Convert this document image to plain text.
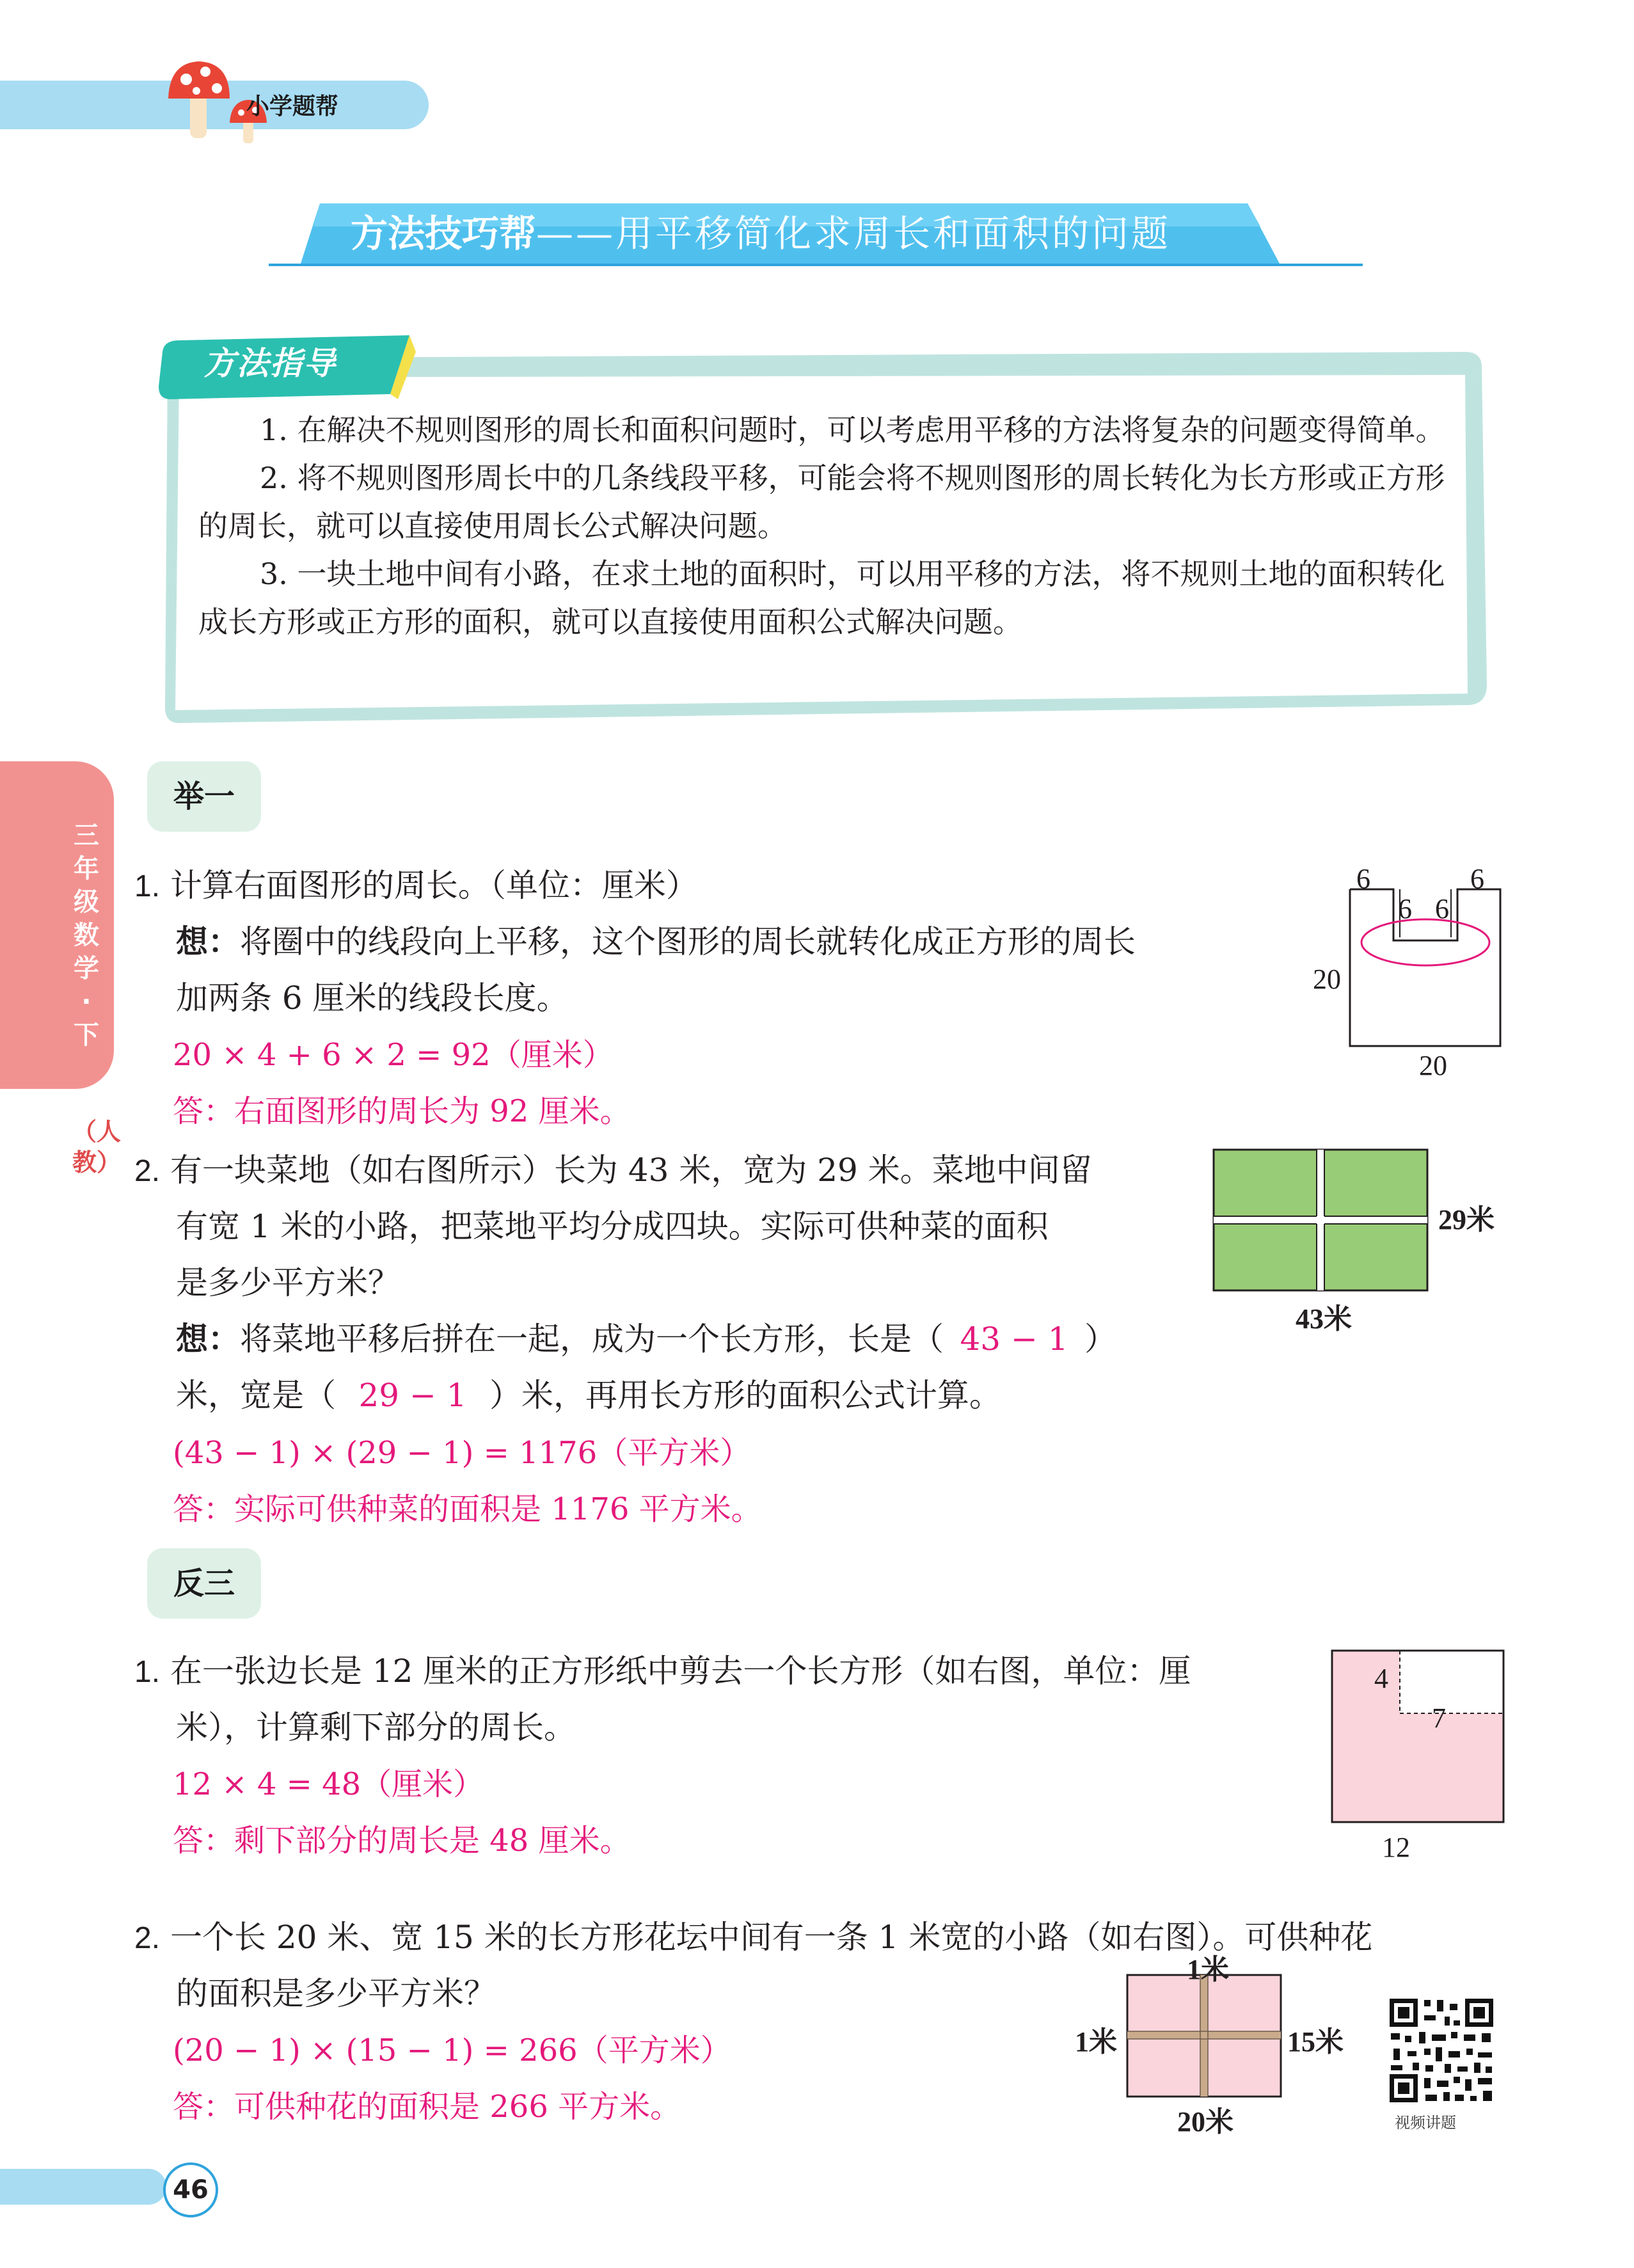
小学题帮
方法技巧帮——用平移简化求周长和面积的问题
方法指导

1. 在解决不规则图形的周长和面积问题时，可以考虑用平移的方法将复杂的问题变得简单。

2. 将不规则图形周长中的几条线段平移，可能会将不规则图形的周长转化为长方形或正方形的周长，就可以直接使用周长公式解决问题。

3. 一块土地中间有小路，在求土地的面积时，可以用平移的方法，将不规则土地的面积转化成长方形或正方形的面积，就可以直接使用面积公式解决问题。

三年级数学·下
（人教）
举一
1. 计算右面图形的周长。（单位：厘米）
想：将圈中的线段向上平移，这个图形的周长就转化成正方形的周长
加两条 6 厘米的线段长度。
20 × 4 + 6 × 2 = 92（厘米）
答：右面图形的周长为 92 厘米。
6	6
6 6
20
20
2. 有一块菜地（如右图所示）长为 43 米，宽为 29 米。菜地中间留
有宽 1 米的小路，把菜地平均分成四块。实际可供种菜的面积
是多少平方米？
想：将菜地平移后拼在一起，成为一个长方形，长是（ 43 − 1 ）
米，宽是（ 29 − 1 ）米，再用长方形的面积公式计算。
(43 − 1) × (29 − 1) = 1176（平方米）
答：实际可供种菜的面积是 1176 平方米。
29米
43米
反三
1. 在一张边长是 12 厘米的正方形纸中剪去一个长方形（如右图，单位：厘
米），计算剩下部分的周长。
12 × 4 = 48（厘米）
答：剩下部分的周长是 48 厘米。
4
7
12
2. 一个长 20 米、宽 15 米的长方形花坛中间有一条 1 米宽的小路（如右图）。可供种花
的面积是多少平方米？
(20 − 1) × (15 − 1) = 266（平方米）
答：可供种花的面积是 266 平方米。
1米
1米	15米
20米	视频讲题
46
